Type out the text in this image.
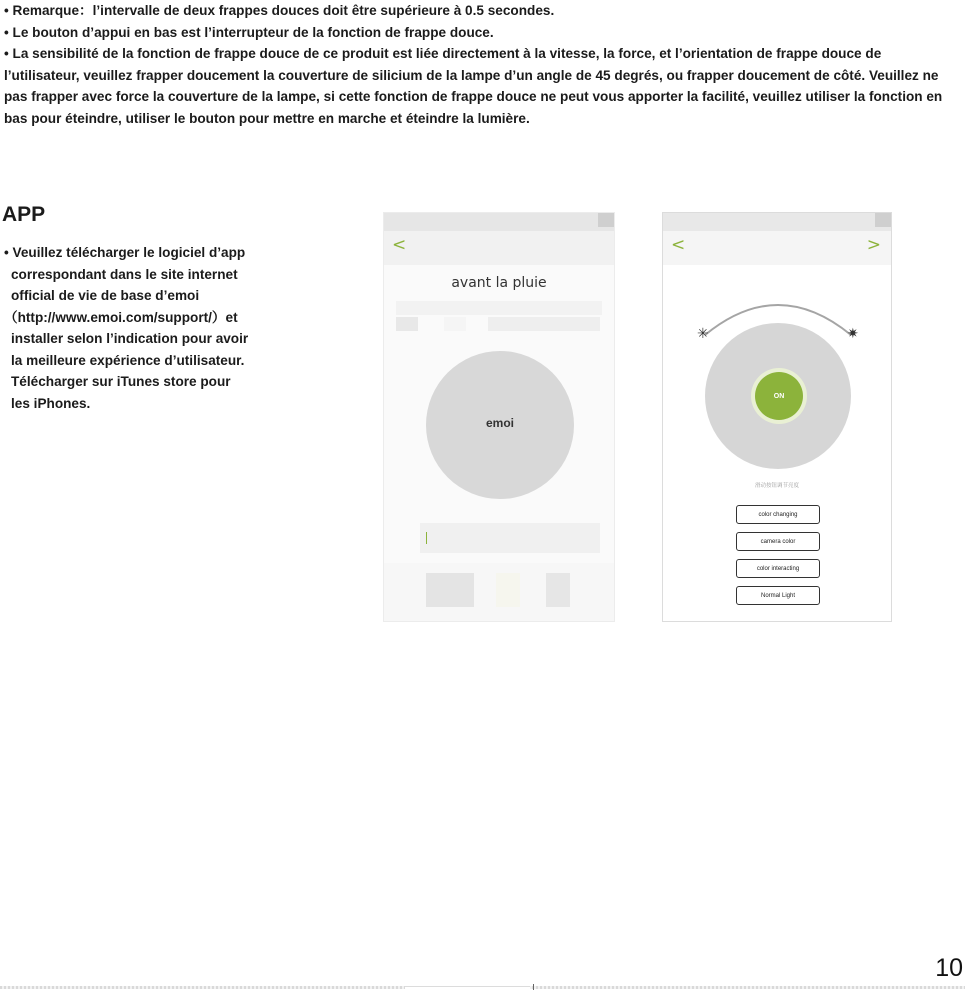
• Remarque：l’intervalle de deux frappes douces doit être supérieure à 0.5 secondes.

• Le bouton d’appui en bas est l’interrupteur de la fonction de frappe douce.

• La sensibilité de la fonction de frappe douce de ce produit est liée directement à la vitesse, la force, et l’orientation de frappe douce de l’utilisateur, veuillez frapper doucement la couverture de silicium de la lampe d’un angle de 45 degrés, ou frapper doucement de côté. Veuillez ne pas frapper avec force la couverture de la lampe, si cette fonction de frappe douce ne peut vous apporter la facilité, veuillez utiliser la fonction en bas pour éteindre, utiliser le bouton pour mettre en marche et éteindre la lumière.

APP
• Veuillez télécharger le logiciel d’app
correspondant dans le site internet
official de vie de base d’emoi
（http://www.emoi.com/support/）et
installer selon l’indication pour avoir
la meilleure expérience d’utilisateur.
Télécharger sur iTunes store pour
les iPhones.
<
avant la pluie
emoi
<	>
✳	✷
ON
滑动按钮调节亮度
color changing
camera color
color interacting
Normal Light
10
